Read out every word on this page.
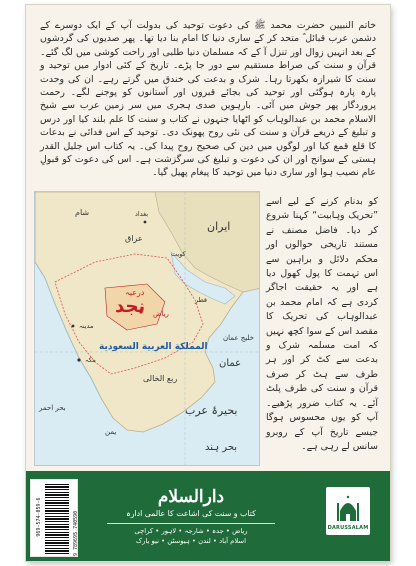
خاتم النبیین حضرت محمد ﷺ کی دعوت توحید کی بدولت آپ کے ایک دوسرے کے دشمن عرب قبائل ؓ متحد کر کے ساری دنیا کا امام بنا دیا تھا۔ پھر صدیوں کی گردشوں کے بعد انہیں زوال اور تنزل آ کے کہ مسلمان دنیا طلبی اور راحت کوشی میں لگ گئے۔ قرآن و سنت کی صراط مستقیم سے دور جا پڑے۔ تاریخ کے کئی ادوار میں توحید و سنت کا شیرازہ بکھرتا رہا۔ شرک و بدعت کی خندق میں گرتے رہے۔ ان کی وحدت پارہ پارہ ہوگئی اور توحید کی بجائے قبروں اور آستانوں کو پوجنے لگے۔ رحمت پروردگار پھر جوش میں آئی۔ بارہویں صدی ہجری میں سر زمین عرب سے شیخ الاسلام محمد بن عبدالوہاب کو اٹھایا جنہوں نے کتاب و سنت کا علم بلند کیا اور درس و تبلیغ کے ذریعے قرآن و سنت کی نئی روح پھونک دی۔ توحید کے اس فدائی نے بدعات کا قلع قمع کیا اور لوگوں میں دین کی صحیح روح پیدا کی۔ یہ کتاب اس جلیل القدر ہستی کے سوانح اور ان کی دعوت و تبلیغ کی سرگزشت ہے۔ اس کی دعوت کو قبولِ عام نصیب ہوا اور ساری دنیا میں توحید کا پیغام پھیل گیا۔
ایران
عراق
بغداد
شام
کویت
درعیہ
نجد ریاض
قطر
المملكة العربية السعودية
خلیج عمان
عمان
ربع الخالی
بحیرۂ عرب
بحر ہند
مکہ
مدینہ
یمن
بحر احمر
کو بدنام کرنے کے لیے اسے ”تحریک وہابیت“ کہنا شروع کر دیا۔ فاضل مصنف نے مستند تاریخی حوالوں اور محکم دلائل و براہین سے اس تہمت کا پول کھول دیا ہے اور یہ حقیقت اجاگر کردی ہے کہ امام محمد بن عبدالوہاب کی تحریک کا مقصد اس کے سوا کچھ نہیں کہ امت مسلمہ شرک و بدعت سے کٹ کر اور ہر طرف سے ہٹ کر صرف قرآن و سنت کی طرف پلٹ آئے۔ یہ کتاب ضرور پڑھیے۔ آپ کو یوں محسوس ہوگا جیسے تاریخ آپ کے روبرو سانس لے رہی ہے۔
969-574-059-6	9 789695 740590
دارالسلام
کتاب و سنت کی اشاعت کا عالمی ادارہ
ریاض • جدہ • شارجہ • لاہور • کراچی
اسلام آباد • لندن • ہیوسٹن • نیو یارک
DARUSSALAM
